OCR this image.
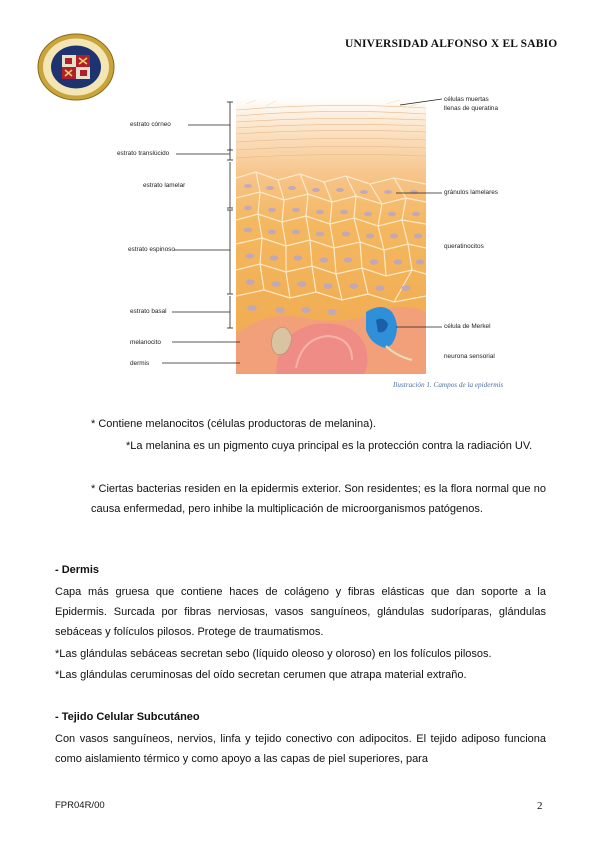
UNIVERSIDAD ALFONSO X EL SABIO
estrato córneo
estrato translúcido
estrato lamelar
estrato espinoso
estrato basal
melanocito
dermis
células muertas
llenas de queratina
gránulos lamelares
queratinocitos
célula de Merkel
neurona sensorial
Ilustración 1. Campos de la epidermis
* Contiene melanocitos (células productoras de melanina).
*La melanina es un pigmento cuya principal es la protección contra la radiación UV.
* Ciertas bacterias residen en la epidermis exterior. Son residentes; es la flora normal que no causa enfermedad, pero inhibe la multiplicación de microorganismos patógenos.
- Dermis
Capa más gruesa que contiene haces de colágeno y fibras elásticas que dan soporte a la Epidermis. Surcada por fibras nerviosas, vasos sanguíneos, glándulas sudoríparas, glándulas sebáceas y folículos pilosos. Protege de traumatismos.
*Las glándulas sebáceas secretan sebo (líquido oleoso y oloroso) en los folículos pilosos.
*Las glándulas ceruminosas del oído secretan cerumen que atrapa material extraño.
- Tejido Celular Subcutáneo
Con vasos sanguíneos, nervios, linfa y tejido conectivo con adipocitos. El tejido adiposo funciona como aislamiento térmico y como apoyo a las capas de piel superiores, para
FPR04R/00	2
